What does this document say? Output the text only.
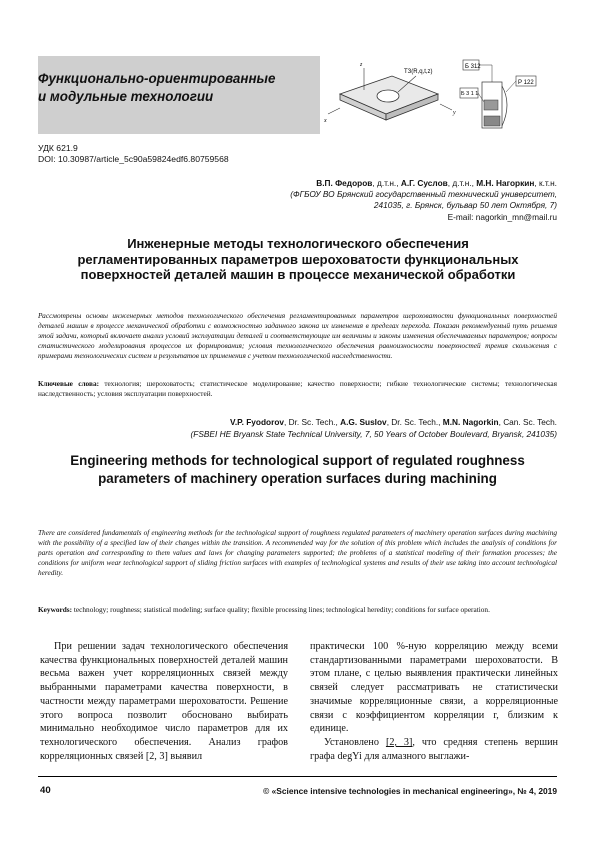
Функционально-ориентированные
и модульные технологии
ТЗ(R,q,t,z)
z
y
x
Б 312
Б 3 1 1
Р 122
УДК 621.9
DOI: 10.30987/article_5c90a59824edf6.80759568
В.П. Федоров, д.т.н., А.Г. Суслов, д.т.н., М.Н. Нагоркин, к.т.н.
(ФГБОУ ВО Брянский государственный технический университет,
241035, г. Брянск, бульвар 50 лет Октября, 7)
E-mail: nagorkin_mn@mail.ru
Инженерные методы технологического обеспечения регламентированных параметров шероховатости функциональных поверхностей деталей машин в процессе механической обработки
Рассмотрены основы инженерных методов технологического обеспечения регламентированных параметров шероховатости функциональных поверхностей деталей машин в процессе механической обработки с возможностью заданного закона их изменения в пределах перехода. Показан рекомендуемый путь решения этой задачи, который включает анализ условий эксплуатации деталей и соответствующие им величины и законы изменения обеспечиваемых параметров; вопросы статистического моделирования процессов их формирования; условия технологического обеспечения равноизносности поверхностей трения скольжения с примерами технологических систем и результатов их применения с учетом технологической наследственности.
Ключевые слова: технология; шероховатость; статистическое моделирование; качество поверхности; гибкие технологические системы; технологическая наследственность; условия эксплуатации поверхностей.
V.P. Fyodorov, Dr. Sc. Tech., A.G. Suslov, Dr. Sc. Tech., M.N. Nagorkin, Can. Sc. Tech.
(FSBEI HE Bryansk State Technical University, 7, 50 Years of October Boulevard, Bryansk, 241035)
Engineering methods for technological support of regulated roughness parameters of machinery operation surfaces during machining
There are considered fundamentals of engineering methods for the technological support of roughness regulated parameters of machinery operation surfaces during machining with the possibility of a specified law of their changes within the transition. A recommended way for the solution of this problem which includes the analysis of conditions for parts operation and corresponding to them values and laws for changing parameters supported; the problems of a statistical modeling of their formation processes; the conditions for uniform wear technological support of sliding friction surfaces with examples of technological systems and results of their use taking into account technological heredity.
Keywords: technology; roughness; statistical modeling; surface quality; flexible processing lines; technological heredity; conditions for surface operation.
При решении задач технологического обеспечения качества функциональных поверхностей деталей машин весьма важен учет корреляционных связей между выбранными параметрами качества поверхности, в частности между параметрами шероховатости. Решение этого вопроса позволит обосновано выбирать минимально необходимое число параметров для их технологического обеспечения. Анализ графов корреляционных связей [2, 3] выявил
практически 100 %-ную корреляцию между всеми стандартизованными параметрами шероховатости. В этом плане, с целью выявления практически линейных связей следует рассматривать не статистически значимые корреляционные связи, а корреляционные связи с коэффициентом корреляции r, близким к единице.
Установлено [2, 3], что средняя степень вершин графа degYi для алмазного выглажи-
40	© «Science intensive technologies in mechanical engineering», № 4, 2019
